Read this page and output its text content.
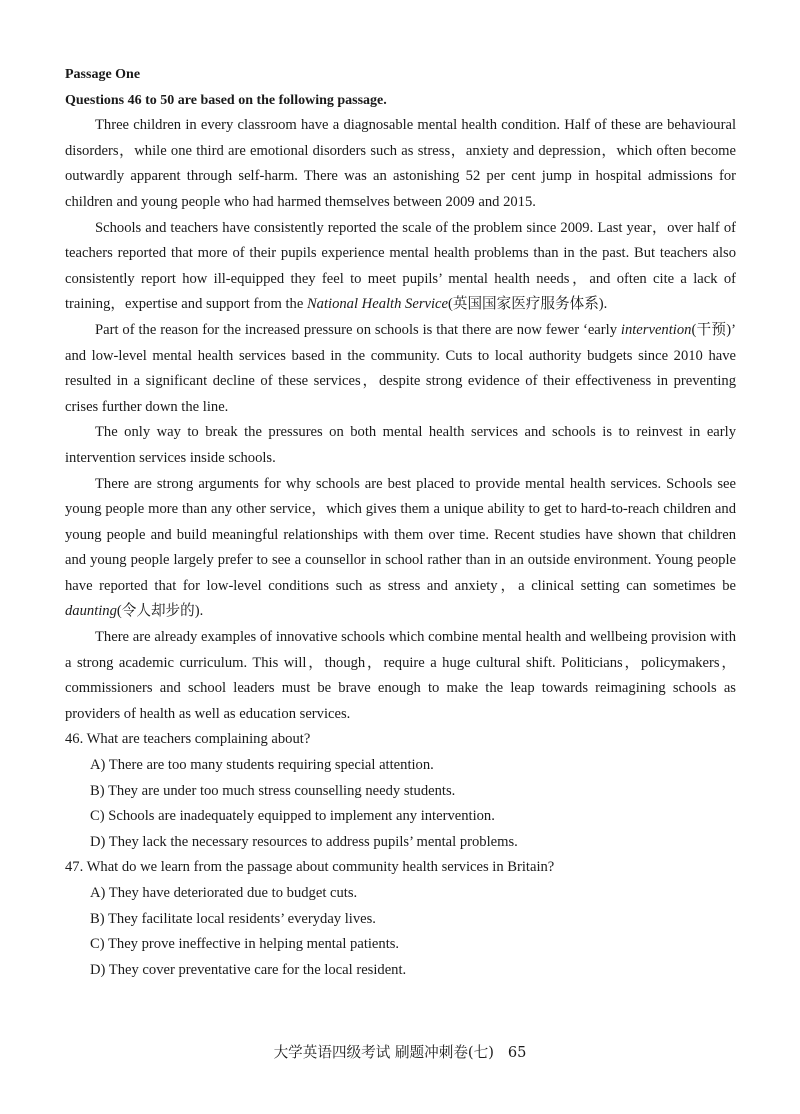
Passage One

Questions 46 to 50 are based on the following passage.

Three children in every classroom have a diagnosable mental health condition. Half of these are behavioural disorders，while one third are emotional disorders such as stress，anxiety and depression，which often become outwardly apparent through self-harm. There was an astonishing 52 per cent jump in hospital admissions for children and young people who had harmed themselves between 2009 and 2015.

Schools and teachers have consistently reported the scale of the problem since 2009. Last year，over half of teachers reported that more of their pupils experience mental health problems than in the past. But teachers also consistently report how ill-equipped they feel to meet pupils’ mental health needs，and often cite a lack of training，expertise and support from the National Health Service(英国国家医疗服务体系).

Part of the reason for the increased pressure on schools is that there are now fewer ‘early intervention(干预)’ and low-level mental health services based in the community. Cuts to local authority budgets since 2010 have resulted in a significant decline of these services，despite strong evidence of their effectiveness in preventing crises further down the line.

The only way to break the pressures on both mental health services and schools is to reinvest in early intervention services inside schools.

There are strong arguments for why schools are best placed to provide mental health services. Schools see young people more than any other service，which gives them a unique ability to get to hard-to-reach children and young people and build meaningful relationships with them over time. Recent studies have shown that children and young people largely prefer to see a counsellor in school rather than in an outside environment. Young people have reported that for low-level conditions such as stress and anxiety，a clinical setting can sometimes be daunting(令人却步的).

There are already examples of innovative schools which combine mental health and wellbeing provision with a strong academic curriculum. This will，though，require a huge cultural shift. Politicians，policymakers，commissioners and school leaders must be brave enough to make the leap towards reimagining schools as providers of health as well as education services.

46. What are teachers complaining about?

A) There are too many students requiring special attention.

B) They are under too much stress counselling needy students.

C) Schools are inadequately equipped to implement any intervention.

D) They lack the necessary resources to address pupils’ mental problems.

47. What do we learn from the passage about community health services in Britain?

A) They have deteriorated due to budget cuts.

B) They facilitate local residents’ everyday lives.

C) They prove ineffective in helping mental patients.

D) They cover preventative care for the local resident.

大学英语四级考试 刷题冲刺卷(七) 65
